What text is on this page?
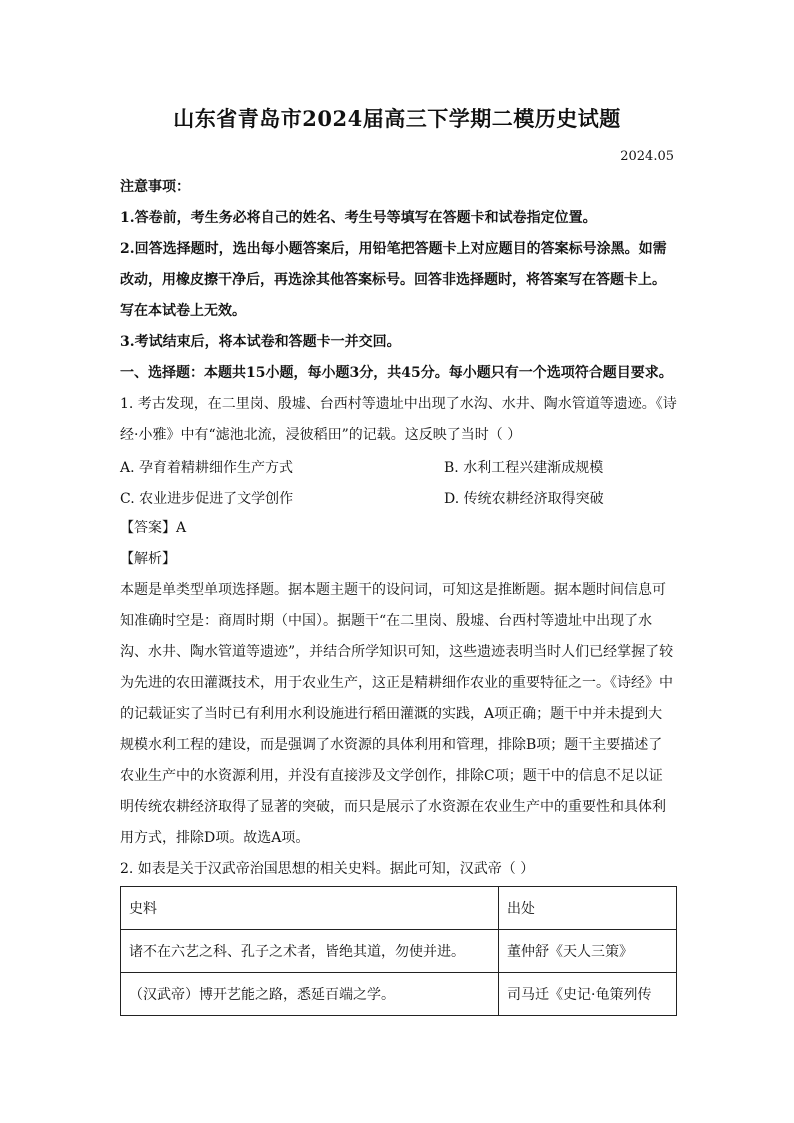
山东省青岛市2024届高三下学期二模历史试题
2024.05
注意事项：
1.答卷前，考生务必将自己的姓名、考生号等填写在答题卡和试卷指定位置。
2.回答选择题时，选出每小题答案后，用铅笔把答题卡上对应题目的答案标号涂黑。如需
改动，用橡皮擦干净后，再选涂其他答案标号。回答非选择题时，将答案写在答题卡上。
写在本试卷上无效。
3.考试结束后，将本试卷和答题卡一并交回。
一、选择题：本题共15小题，每小题3分，共45分。每小题只有一个选项符合题目要求。
1. 考古发现，在二里岗、殷墟、台西村等遗址中出现了水沟、水井、陶水管道等遗迹。《诗
经·小雅》中有“滤池北流，浸彼稻田”的记载。这反映了当时（ ）
A. 孕育着精耕细作生产方式	B. 水利工程兴建渐成规模
C. 农业进步促进了文学创作	D. 传统农耕经济取得突破
【答案】A
【解析】
本题是单类型单项选择题。据本题主题干的设问词，可知这是推断题。据本题时间信息可
知准确时空是：商周时期（中国）。据题干“在二里岗、殷墟、台西村等遗址中出现了水
沟、水井、陶水管道等遗迹”，并结合所学知识可知，这些遗迹表明当时人们已经掌握了较
为先进的农田灌溉技术，用于农业生产，这正是精耕细作农业的重要特征之一。《诗经》中
的记载证实了当时已有利用水利设施进行稻田灌溉的实践，A项正确；题干中并未提到大
规模水利工程的建设，而是强调了水资源的具体利用和管理，排除B项；题干主要描述了
农业生产中的水资源利用，并没有直接涉及文学创作，排除C项；题干中的信息不足以证
明传统农耕经济取得了显著的突破，而只是展示了水资源在农业生产中的重要性和具体利
用方式，排除D项。故选A项。
2. 如表是关于汉武帝治国思想的相关史料。据此可知，汉武帝（ ）
史料	出处
诸不在六艺之科、孔子之术者，皆绝其道，勿使并进。	董仲舒《天人三策》
（汉武帝）博开艺能之路，悉延百端之学。	司马迁《史记·龟策列传
